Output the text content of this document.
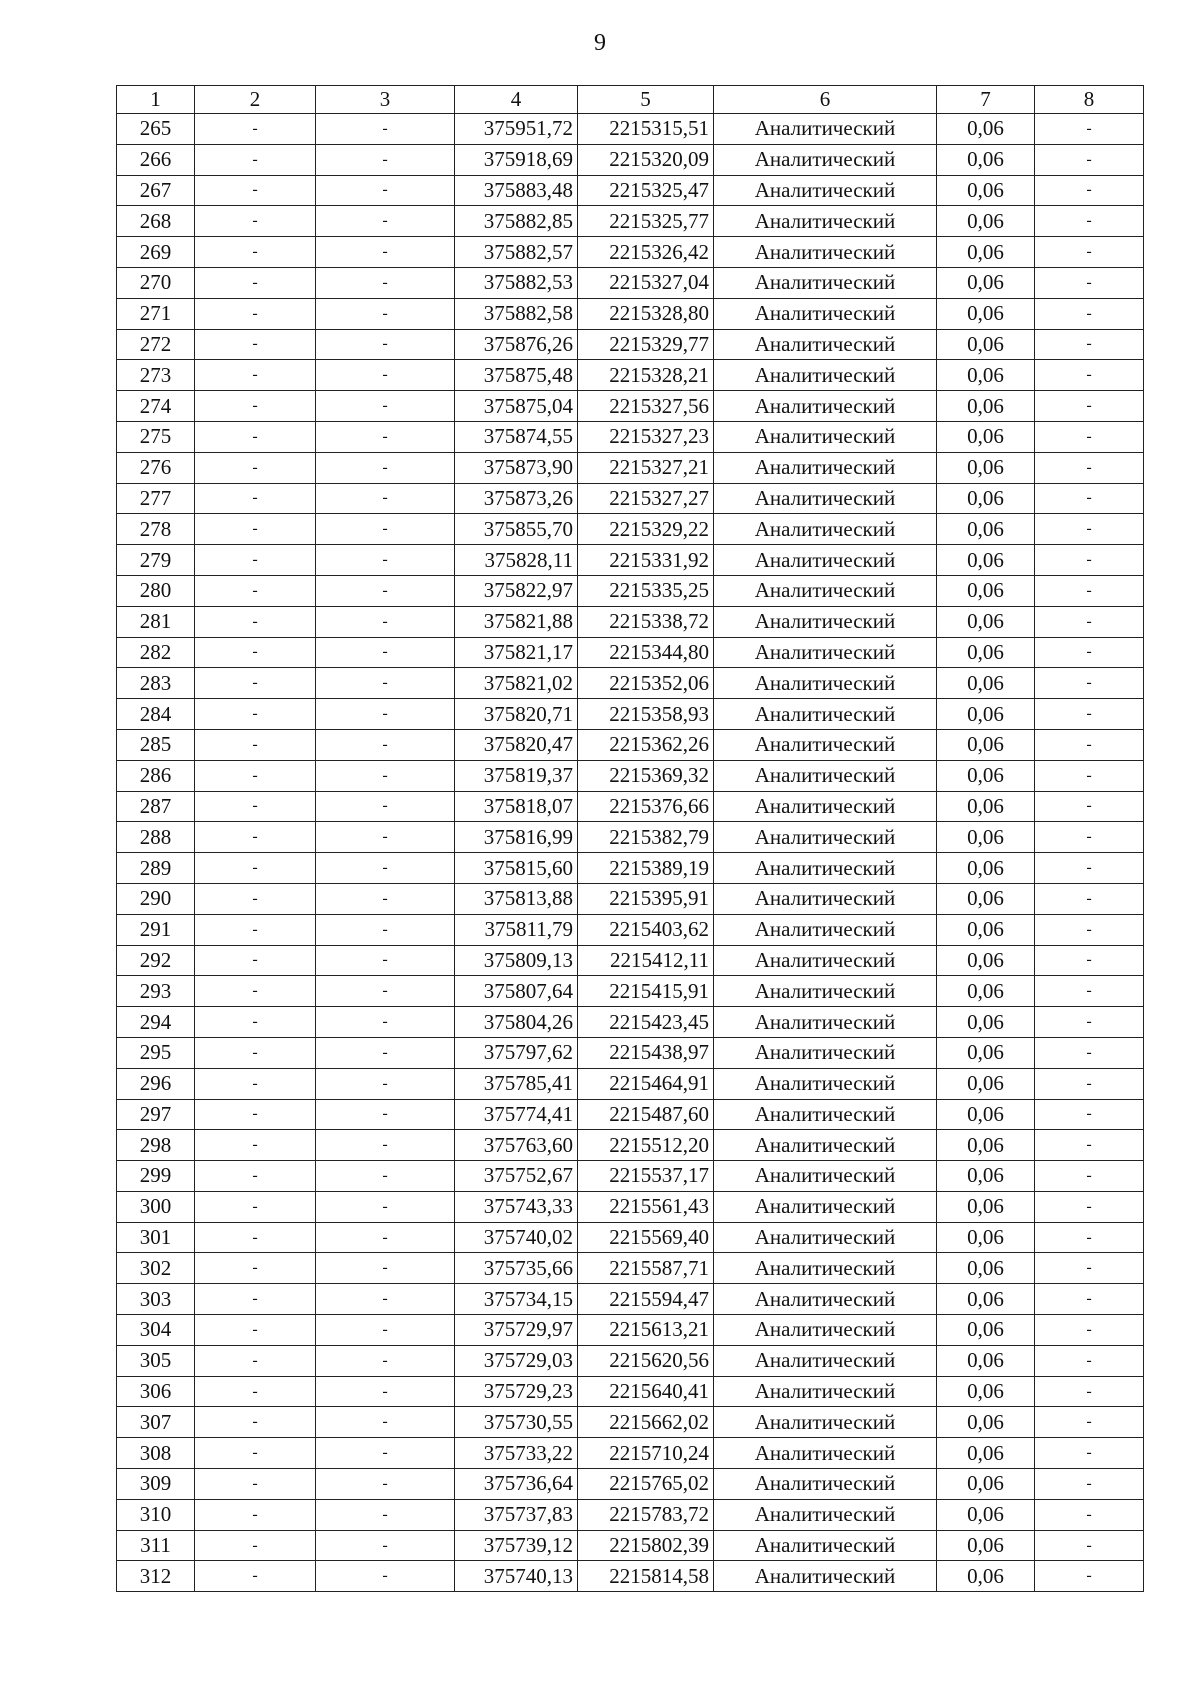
9
1	2	3	4	5	6	7	8
265	-	-	375951,72	2215315,51	Аналитический	0,06	-
266	-	-	375918,69	2215320,09	Аналитический	0,06	-
267	-	-	375883,48	2215325,47	Аналитический	0,06	-
268	-	-	375882,85	2215325,77	Аналитический	0,06	-
269	-	-	375882,57	2215326,42	Аналитический	0,06	-
270	-	-	375882,53	2215327,04	Аналитический	0,06	-
271	-	-	375882,58	2215328,80	Аналитический	0,06	-
272	-	-	375876,26	2215329,77	Аналитический	0,06	-
273	-	-	375875,48	2215328,21	Аналитический	0,06	-
274	-	-	375875,04	2215327,56	Аналитический	0,06	-
275	-	-	375874,55	2215327,23	Аналитический	0,06	-
276	-	-	375873,90	2215327,21	Аналитический	0,06	-
277	-	-	375873,26	2215327,27	Аналитический	0,06	-
278	-	-	375855,70	2215329,22	Аналитический	0,06	-
279	-	-	375828,11	2215331,92	Аналитический	0,06	-
280	-	-	375822,97	2215335,25	Аналитический	0,06	-
281	-	-	375821,88	2215338,72	Аналитический	0,06	-
282	-	-	375821,17	2215344,80	Аналитический	0,06	-
283	-	-	375821,02	2215352,06	Аналитический	0,06	-
284	-	-	375820,71	2215358,93	Аналитический	0,06	-
285	-	-	375820,47	2215362,26	Аналитический	0,06	-
286	-	-	375819,37	2215369,32	Аналитический	0,06	-
287	-	-	375818,07	2215376,66	Аналитический	0,06	-
288	-	-	375816,99	2215382,79	Аналитический	0,06	-
289	-	-	375815,60	2215389,19	Аналитический	0,06	-
290	-	-	375813,88	2215395,91	Аналитический	0,06	-
291	-	-	375811,79	2215403,62	Аналитический	0,06	-
292	-	-	375809,13	2215412,11	Аналитический	0,06	-
293	-	-	375807,64	2215415,91	Аналитический	0,06	-
294	-	-	375804,26	2215423,45	Аналитический	0,06	-
295	-	-	375797,62	2215438,97	Аналитический	0,06	-
296	-	-	375785,41	2215464,91	Аналитический	0,06	-
297	-	-	375774,41	2215487,60	Аналитический	0,06	-
298	-	-	375763,60	2215512,20	Аналитический	0,06	-
299	-	-	375752,67	2215537,17	Аналитический	0,06	-
300	-	-	375743,33	2215561,43	Аналитический	0,06	-
301	-	-	375740,02	2215569,40	Аналитический	0,06	-
302	-	-	375735,66	2215587,71	Аналитический	0,06	-
303	-	-	375734,15	2215594,47	Аналитический	0,06	-
304	-	-	375729,97	2215613,21	Аналитический	0,06	-
305	-	-	375729,03	2215620,56	Аналитический	0,06	-
306	-	-	375729,23	2215640,41	Аналитический	0,06	-
307	-	-	375730,55	2215662,02	Аналитический	0,06	-
308	-	-	375733,22	2215710,24	Аналитический	0,06	-
309	-	-	375736,64	2215765,02	Аналитический	0,06	-
310	-	-	375737,83	2215783,72	Аналитический	0,06	-
311	-	-	375739,12	2215802,39	Аналитический	0,06	-
312	-	-	375740,13	2215814,58	Аналитический	0,06	-
